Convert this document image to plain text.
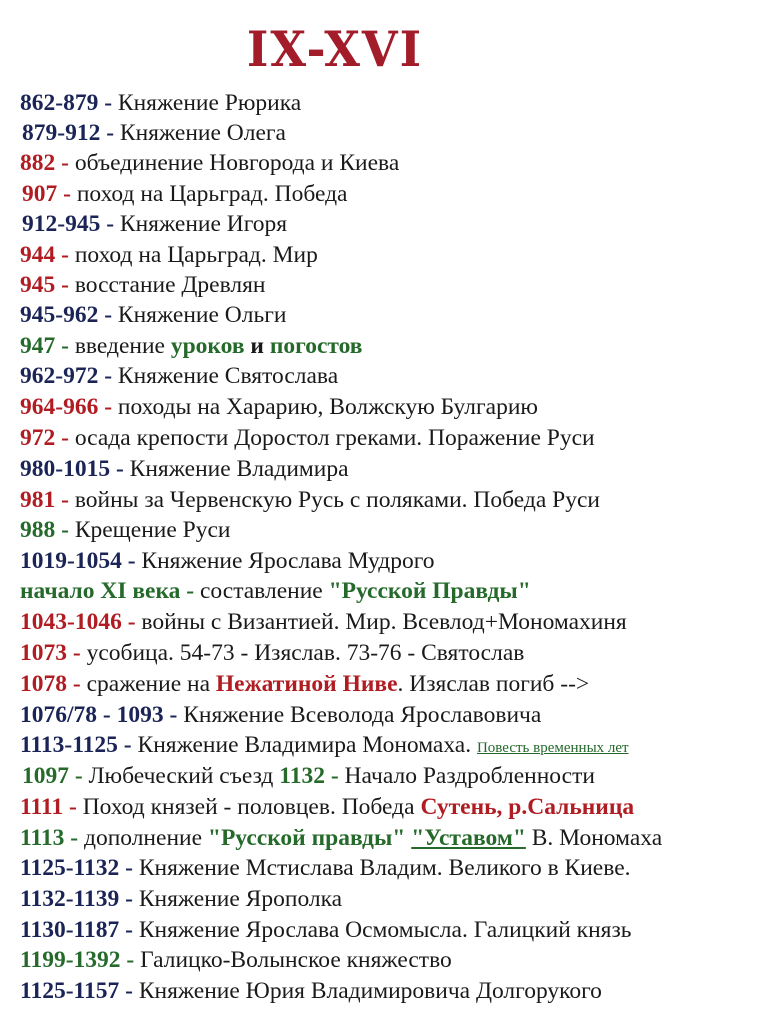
IX-XVI
862-879 - Княжение Рюрика
879-912 - Княжение Олега
882 - объединение Новгорода и Киева
907 - поход на Царьград. Победа
912-945 - Княжение Игоря
944 - поход на Царьград. Мир
945 - восстание Древлян
945-962 - Княжение Ольги
947 - введение уроков и погостов
962-972 - Княжение Святослава
964-966 - походы на Харарию, Волжскую Булгарию
972 - осада крепости Доростол греками. Поражение Руси
980-1015 - Княжение Владимира
981 - войны за Червенскую Русь с поляками. Победа Руси
988 - Крещение Руси
1019-1054 - Княжение Ярослава Мудрого
начало XI века - составление "Русской Правды"
1043-1046 - войны с Византией. Мир. Всевлод+Мономахиня
1073 - усобица. 54-73 - Изяслав. 73-76 - Святослав
1078 - сражение на Нежатиной Ниве. Изяслав погиб -->
1076/78 - 1093 - Княжение Всеволода Ярославовича
1113-1125 - Княжение Владимира Мономаха. Повесть временных лет
1097 - Любеческий съезд 1132 - Начало Раздробленности
1111 - Поход князей - половцев. Победа Сутень, р.Сальница
1113 - дополнение "Русской правды" "Уставом" В. Мономаха
1125-1132 - Княжение Мстислава Владим. Великого в Киеве.
1132-1139 - Княжение Ярополка
1130-1187 - Княжение Ярослава Осмомысла. Галицкий князь
1199-1392 - Галицко-Волынское княжество
1125-1157 - Княжение Юрия Владимировича Долгорукого
